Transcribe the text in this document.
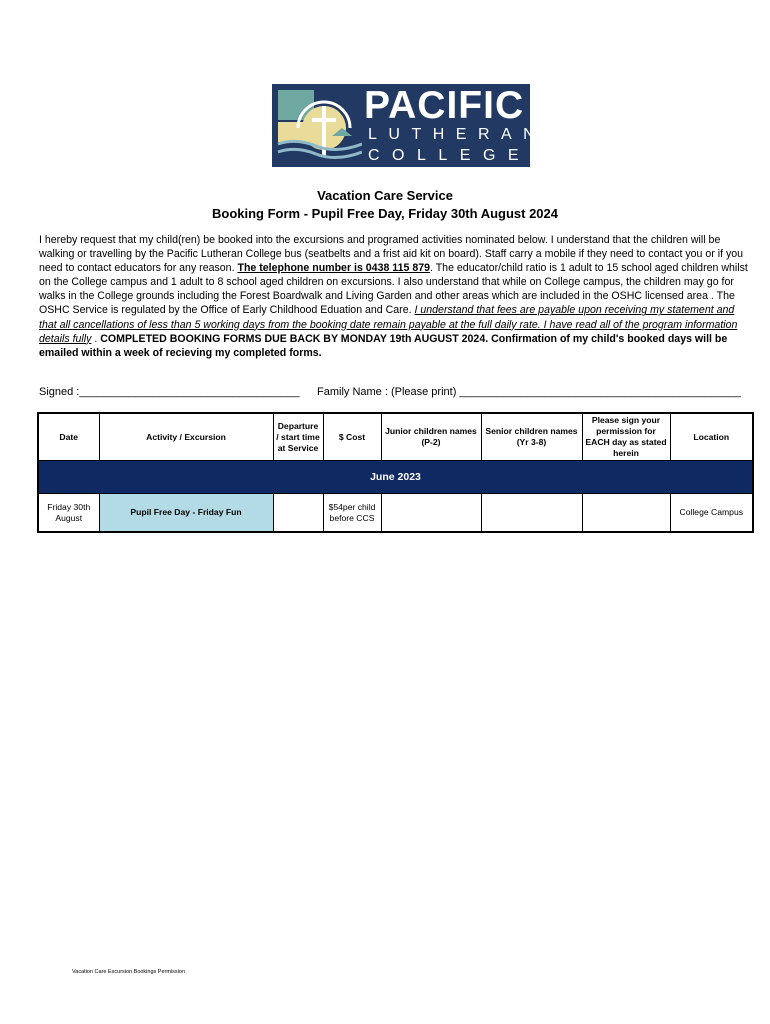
PACIFIC
LUTHERAN
COLLEGE
Vacation Care Service
Booking Form - Pupil Free Day, Friday 30th August 2024
I hereby request that my child(ren) be booked into the excursions and programed activities nominated below. I understand that the children will be walking or travelling by the Pacific Lutheran College bus (seatbelts and a frist aid kit on board). Staff carry a mobile if they need to contact you or if you need to contact educators for any reason. The telephone number is 0438 115 879. The educator/child ratio is 1 adult to 15 school aged children whilst on the College campus and 1 adult to 8 school aged children on excursions. I also understand that while on College campus, the children may go for walks in the College grounds including the Forest Boardwalk and Living Garden and other areas which are included in the OSHC licensed area . The OSHC Service is regulated by the Office of Early Childhood Eduation and Care. I understand that fees are payable upon receiving my statement and that all cancellations of less than 5 working days from the booking date remain payable at the full daily rate. I have read all of the program information details fully . COMPLETED BOOKING FORMS DUE BACK BY MONDAY 19th AUGUST 2024. Confirmation of my child's booked days will be emailed within a week of recieving my completed forms.
Signed :____________________________________ Family Name : (Please print) ______________________________________________
Date	Activity / Excursion	Departure / start time at Service	$ Cost	Junior children names (P-2)	Senior children names (Yr 3-8)	Please sign your permission for EACH day as stated herein	Location
June 2023							
Friday 30th August	Pupil Free Day - Friday Fun		$54per child before CCS				College Campus
Vacation Care Excursion Bookings Permission
